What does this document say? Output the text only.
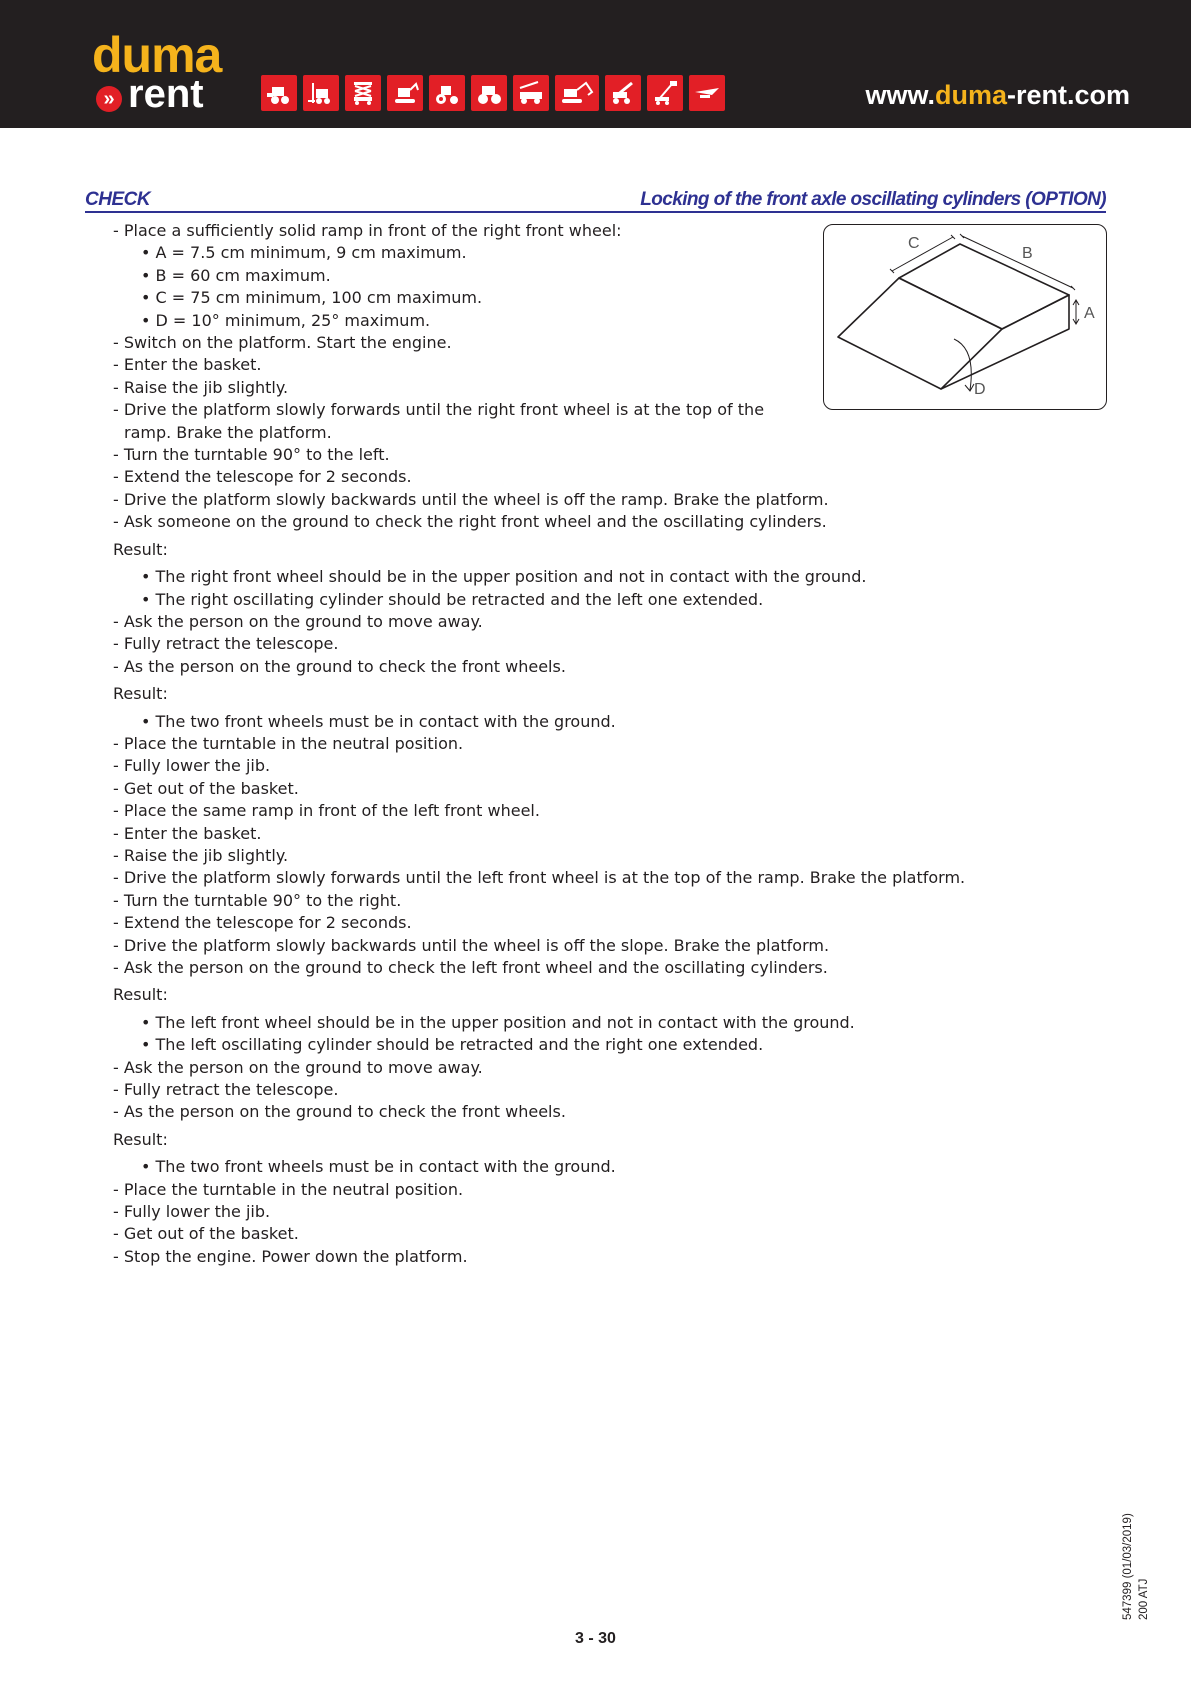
duma
» rent	www.duma-rent.com
CHECK	Locking of the front axle oscillating cylinders (OPTION)
C
B
A
D
- Place a sufficiently solid ramp in front of the right front wheel:
• A = 7.5 cm minimum, 9 cm maximum.
• B = 60 cm maximum.
• C = 75 cm minimum, 100 cm maximum.
• D = 10° minimum, 25° maximum.
- Switch on the platform. Start the engine.
- Enter the basket.
- Raise the jib slightly.
- Drive the platform slowly forwards until the right front wheel is at the top of the ramp. Brake the platform.
- Turn the turntable 90° to the left.
- Extend the telescope for 2 seconds.
- Drive the platform slowly backwards until the wheel is off the ramp. Brake the platform.
- Ask someone on the ground to check the right front wheel and the oscillating cylinders.
Result:
• The right front wheel should be in the upper position and not in contact with the ground.
• The right oscillating cylinder should be retracted and the left one extended.
- Ask the person on the ground to move away.
- Fully retract the telescope.
- As the person on the ground to check the front wheels.
Result:
• The two front wheels must be in contact with the ground.
- Place the turntable in the neutral position.
- Fully lower the jib.
- Get out of the basket.
- Place the same ramp in front of the left front wheel.
- Enter the basket.
- Raise the jib slightly.
- Drive the platform slowly forwards until the left front wheel is at the top of the ramp. Brake the platform.
- Turn the turntable 90° to the right.
- Extend the telescope for 2 seconds.
- Drive the platform slowly backwards until the wheel is off the slope. Brake the platform.
- Ask the person on the ground to check the left front wheel and the oscillating cylinders.
Result:
• The left front wheel should be in the upper position and not in contact with the ground.
• The left oscillating cylinder should be retracted and the right one extended.
- Ask the person on the ground to move away.
- Fully retract the telescope.
- As the person on the ground to check the front wheels.
Result:
• The two front wheels must be in contact with the ground.
- Place the turntable in the neutral position.
- Fully lower the jib.
- Get out of the basket.
- Stop the engine. Power down the platform.
547399 (01/03/2019) 200 ATJ
3 - 30
